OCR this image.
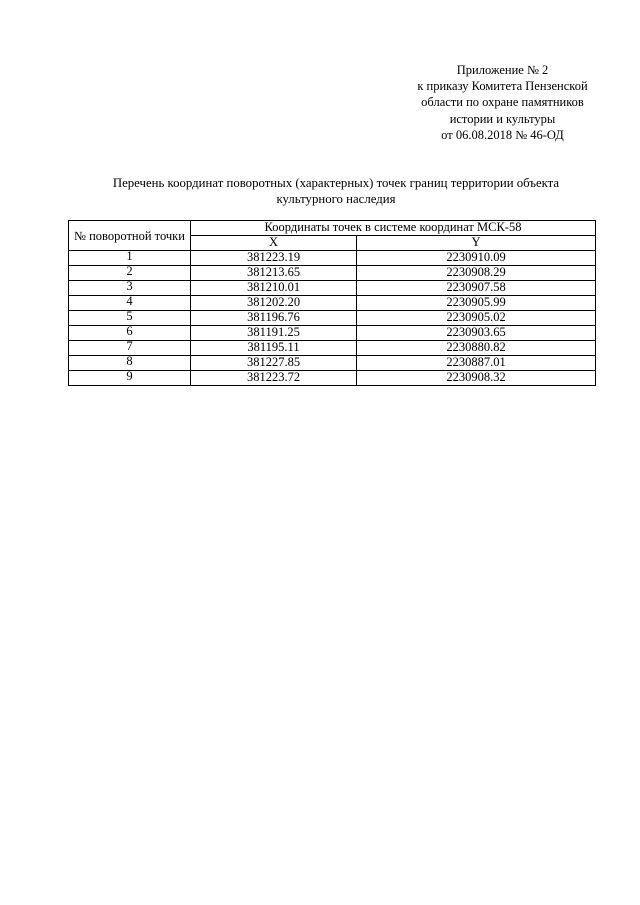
Приложение № 2
к приказу Комитета Пензенской
области по охране памятников
истории и культуры
от 06.08.2018 № 46-ОД
Перечень координат поворотных (характерных) точек границ территории объекта
культурного наследия
№ поворотной точки	Координаты точек в системе координат МСК-58	
	X	Y
1	381223.19	2230910.09
2	381213.65	2230908.29
3	381210.01	2230907.58
4	381202.20	2230905.99
5	381196.76	2230905.02
6	381191.25	2230903.65
7	381195.11	2230880.82
8	381227.85	2230887.01
9	381223.72	2230908.32
